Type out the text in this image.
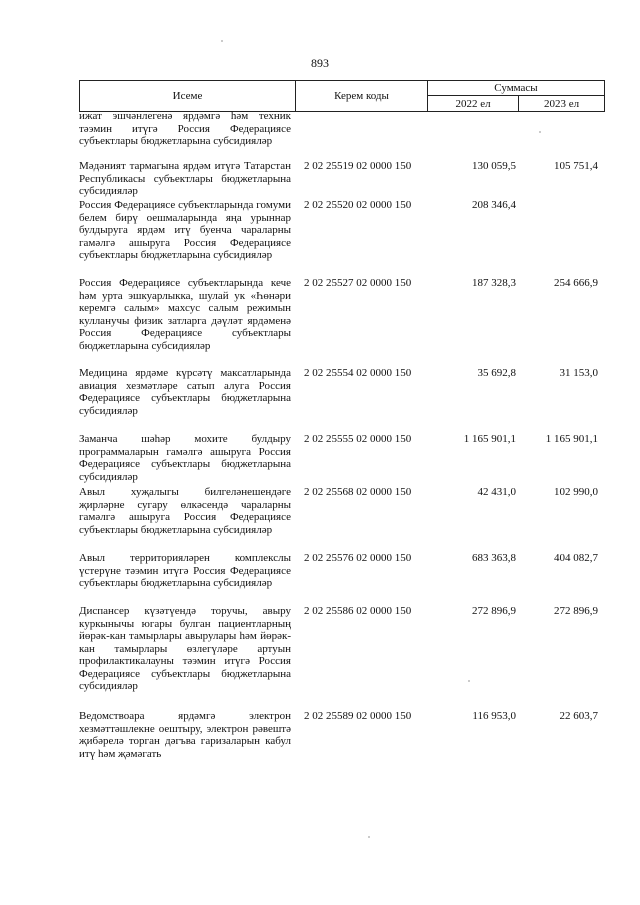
893
Исеме	Керем коды
Суммасы
2022 ел	2023 ел
ижат эшчәнлегенә ярдәмгә һәм техник тәэмин итүгә Россия Федерациясе субъектлары бюджетларына субсидияләр
Мәдәният тармагына ярдәм итүгә Татарстан Республикасы субъектлары бюджетларына субсидияләр
2 02 25519 02 0000 150	130 059,5	105 751,4
Россия Федерациясе субъектларында гомуми белем бирү оешмаларында яңа урыннар булдыруга ярдәм итү буенча чараларны гамәлгә ашыруга Россия Федерациясе субъектлары бюджетларына субсидияләр
2 02 25520 02 0000 150	208 346,4
Россия Федерациясе субъектларында кече һәм урта эшкуарлыкка, шулай ук «Һөнәри керемгә салым» махсус салым режимын кулланучы физик затларга дәүләт ярдәменә Россия Федерациясе субъектлары бюджетларына субсидияләр
2 02 25527 02 0000 150	187 328,3	254 666,9
Медицина ярдәме күрсәтү максатларында авиация хезмәтләре сатып алуга Россия Федерациясе субъектлары бюджетларына субсидияләр
2 02 25554 02 0000 150	35 692,8	31 153,0
Заманча шәһәр мохите булдыру программаларын гамәлгә ашыруга Россия Федерациясе субъектлары бюджетларына субсидияләр
2 02 25555 02 0000 150	1 165 901,1	1 165 901,1
Авыл хуҗалыгы билгеләнешендәге җирләрне сугару өлкәсендә чараларны гамәлгә ашыруга Россия Федерациясе субъектлары бюджетларына субсидияләр
2 02 25568 02 0000 150	42 431,0	102 990,0
Авыл территорияләрен комплекслы үстерүне тәэмин итүгә Россия Федерациясе субъектлары бюджетларына субсидияләр
2 02 25576 02 0000 150	683 363,8	404 082,7
Диспансер күзәтүендә торучы, авыру куркынычы югары булган пациентларның йөрәк-кан тамырлары авырулары һәм йөрәк-кан тамырлары өзлегүләре артуын профилактикалауны тәэмин итүгә Россия Федерациясе субъектлары бюджетларына субсидияләр
2 02 25586 02 0000 150	272 896,9	272 896,9
Ведомствоара ярдәмгә электрон хезмәттәшлекне оештыру, электрон рәвештә җибәрелә торган дәгъва гаризаларын кабул итү һәм җәмәгать
2 02 25589 02 0000 150	116 953,0	22 603,7
